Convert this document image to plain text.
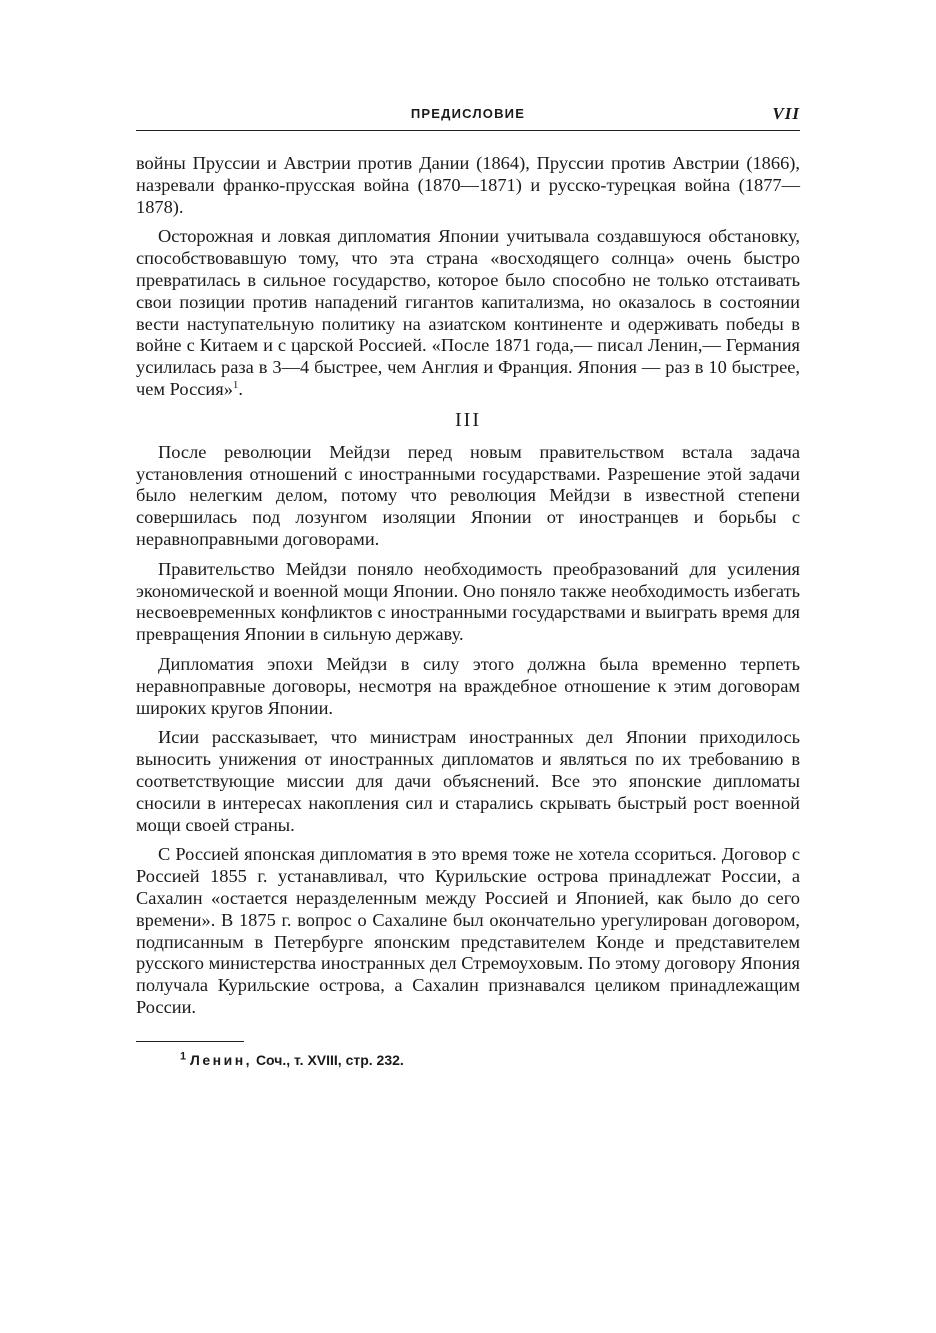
ПРЕДИСЛОВИЕ	VII

войны Пруссии и Австрии против Дании (1864), Пруссии против Австрии (1866), назревали франко-прусская война (1870—1871) и русско-турецкая война (1877—1878).

Осторожная и ловкая дипломатия Японии учитывала создавшуюся обстановку, способствовавшую тому, что эта страна «восходящего солнца» очень быстро превратилась в сильное государство, которое было способно не только отстаивать свои позиции против нападений гигантов капитализма, но оказалось в состоянии вести наступательную политику на азиатском континенте и одерживать победы в войне с Китаем и с царской Россией. «После 1871 года,— писал Ленин,— Германия усилилась раза в 3—4 быстрее, чем Англия и Франция. Япония — раз в 10 быстрее, чем Россия»$^1$.

III

После революции Мейдзи перед новым правительством встала задача установления отношений с иностранными государствами. Разрешение этой задачи было нелегким делом, потому что революция Мейдзи в известной степени совершилась под лозунгом изоляции Японии от иностранцев и борьбы с неравноправными договорами.

Правительство Мейдзи поняло необходимость преобразований для усиления экономической и военной мощи Японии. Оно поняло также необходимость избегать несвоевременных конфликтов с иностранными государствами и выиграть время для превращения Японии в сильную державу.

Дипломатия эпохи Мейдзи в силу этого должна была временно терпеть неравноправные договоры, несмотря на враждебное отношение к этим договорам широких кругов Японии.

Исии рассказывает, что министрам иностранных дел Японии приходилось выносить унижения от иностранных дипломатов и являться по их требованию в соответствующие миссии для дачи объяснений. Все это японские дипломаты сносили в интересах накопления сил и старались скрывать быстрый рост военной мощи своей страны.

С Россией японская дипломатия в это время тоже не хотела ссориться. Договор с Россией 1855 г. устанавливал, что Курильские острова принадлежат России, а Сахалин «остается неразделенным между Россией и Японией, как было до сего времени». В 1875 г. вопрос о Сахалине был окончательно урегулирован договором, подписанным в Петербурге японским представителем Конде и представителем русского министерства иностранных дел Стремоуховым. По этому договору Япония получала Курильские острова, а Сахалин признавался целиком принадлежащим России.

$^1$ Ленин, Соч., т. XVIII, стр. 232.
